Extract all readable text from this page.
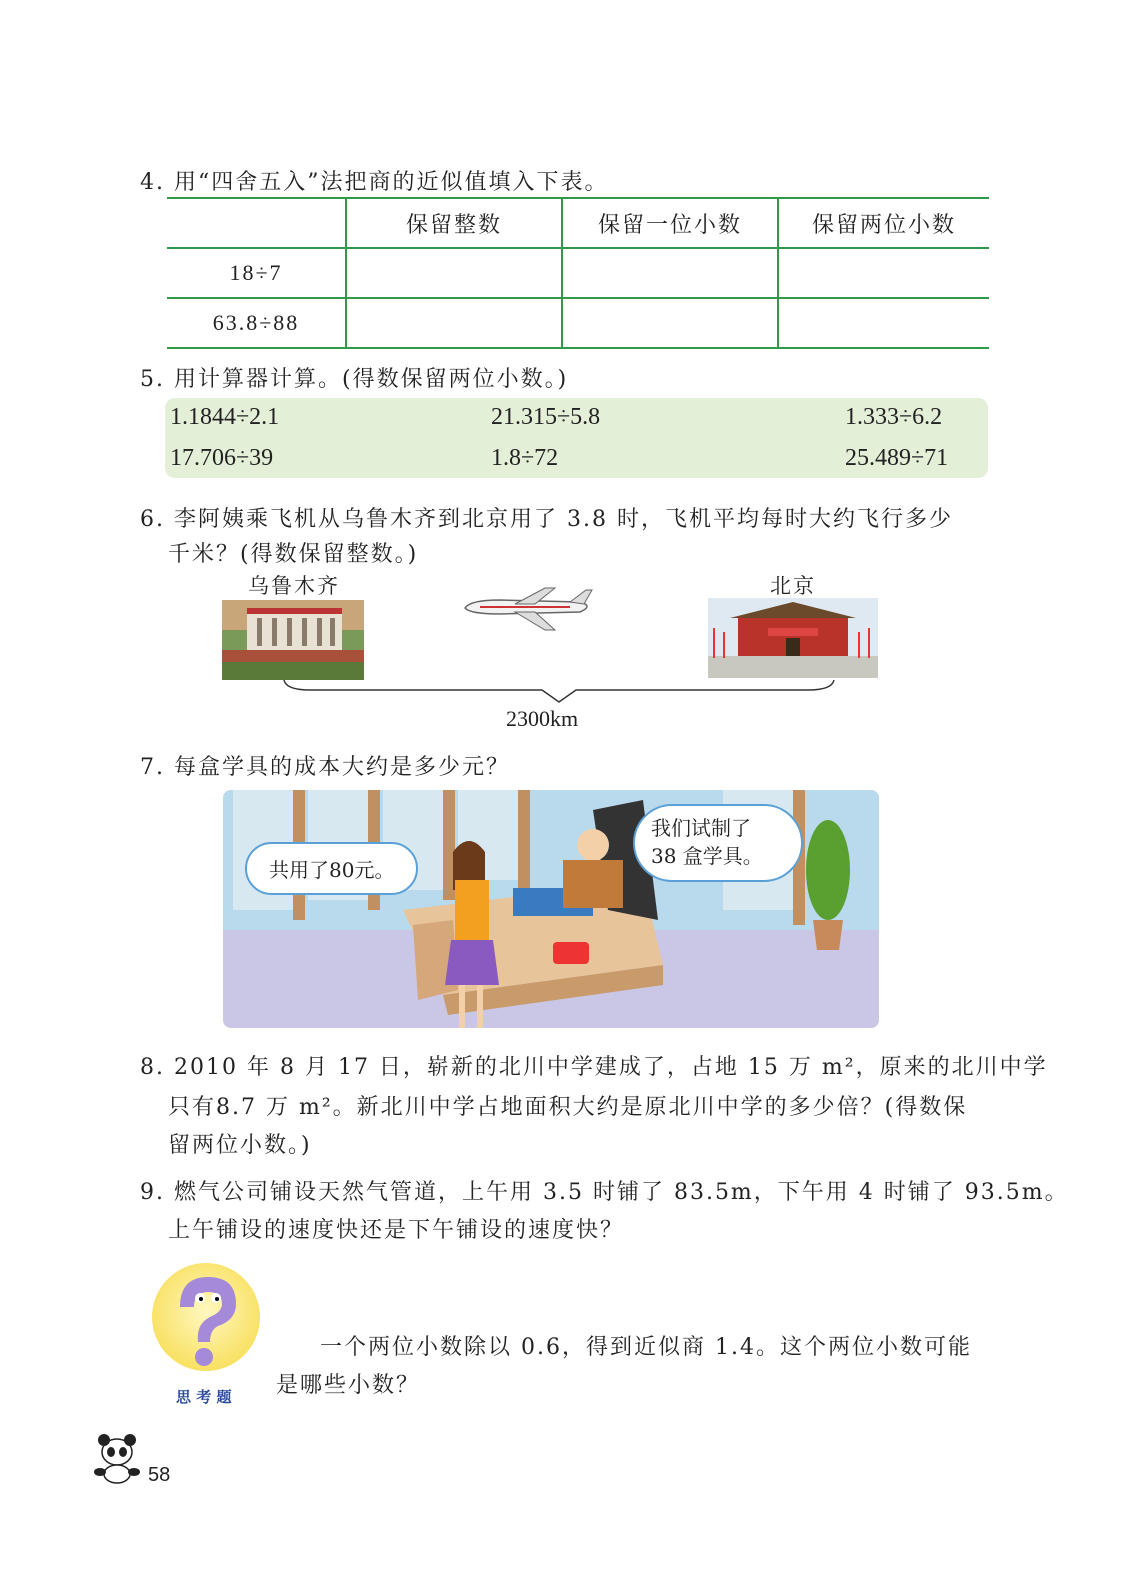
4. 用“四舍五入”法把商的近似值填入下表。
	保留整数	保留一位小数	保留两位小数
18÷7			
63.8÷88			
5. 用计算器计算。(得数保留两位小数。)
1.1844÷2.1	21.315÷5.8	1.333÷6.2
17.706÷39	1.8÷72	25.489÷71
6. 李阿姨乘飞机从乌鲁木齐到北京用了 3.8 时，飞机平均每时大约飞行多少
千米？(得数保留整数。)
乌鲁木齐	北京
2300km
7. 每盒学具的成本大约是多少元？
共用了80元。
我们试制了
38 盒学具。
8. 2010 年 8 月 17 日，崭新的北川中学建成了，占地 15 万 m²，原来的北川中学
只有8.7 万 m²。新北川中学占地面积大约是原北川中学的多少倍？(得数保
留两位小数。)
9. 燃气公司铺设天然气管道，上午用 3.5 时铺了 83.5m，下午用 4 时铺了 93.5m。
上午铺设的速度快还是下午铺设的速度快？
思 考 题
一个两位小数除以 0.6，得到近似商 1.4。这个两位小数可能
是哪些小数？
58
